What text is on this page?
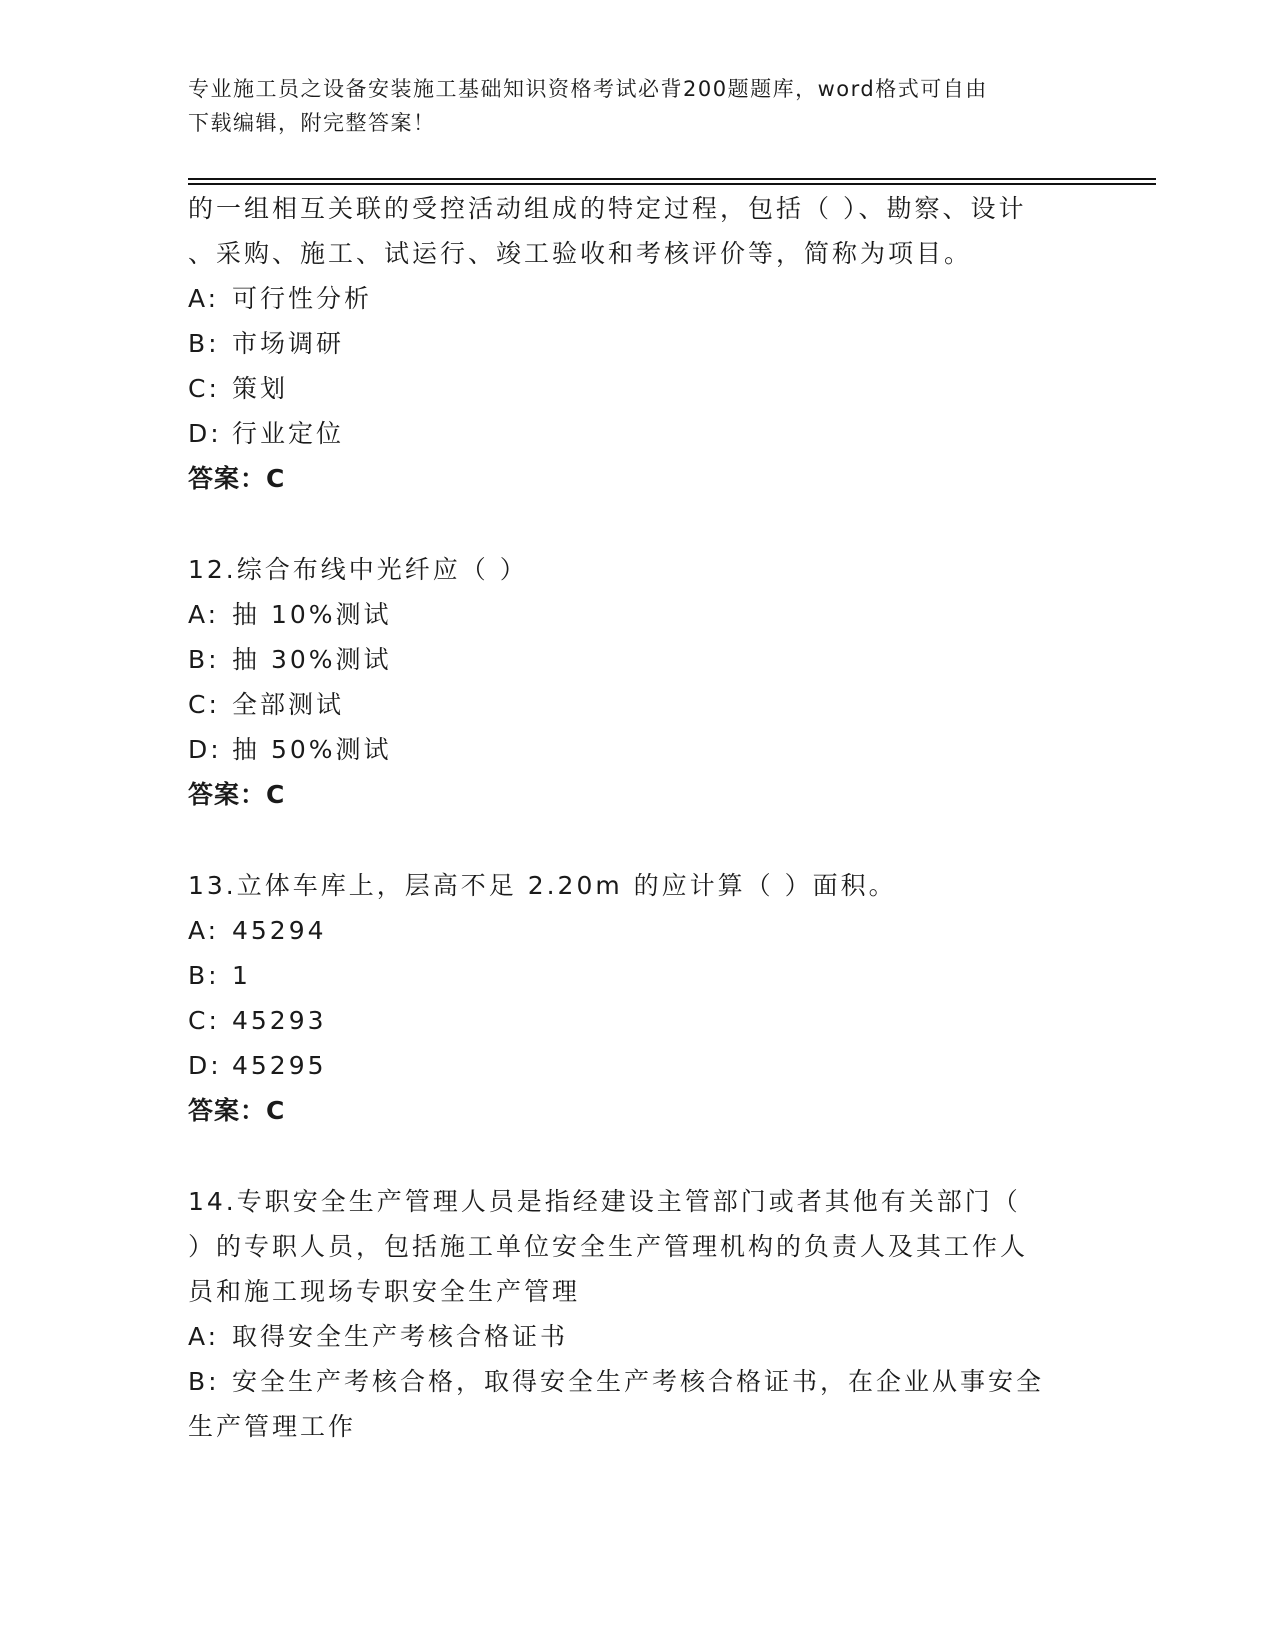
专业施工员之设备安装施工基础知识资格考试必背200题题库，word格式可自由
下载编辑，附完整答案！

的一组相互关联的受控活动组成的特定过程，包括（ ）、勘察、设计
、采购、施工、试运行、竣工验收和考核评价等，简称为项目。
A: 可行性分析
B: 市场调研
C: 策划
D: 行业定位
答案：C
12.综合布线中光纤应（ ）
A: 抽 10%测试
B: 抽 30%测试
C: 全部测试
D: 抽 50%测试
答案：C
13.立体车库上，层高不足 2.20m 的应计算（ ）面积。
A: 45294
B: 1
C: 45293
D: 45295
答案：C
14.专职安全生产管理人员是指经建设主管部门或者其他有关部门（
）的专职人员，包括施工单位安全生产管理机构的负责人及其工作人
员和施工现场专职安全生产管理
A: 取得安全生产考核合格证书
B: 安全生产考核合格，取得安全生产考核合格证书，在企业从事安全
生产管理工作
